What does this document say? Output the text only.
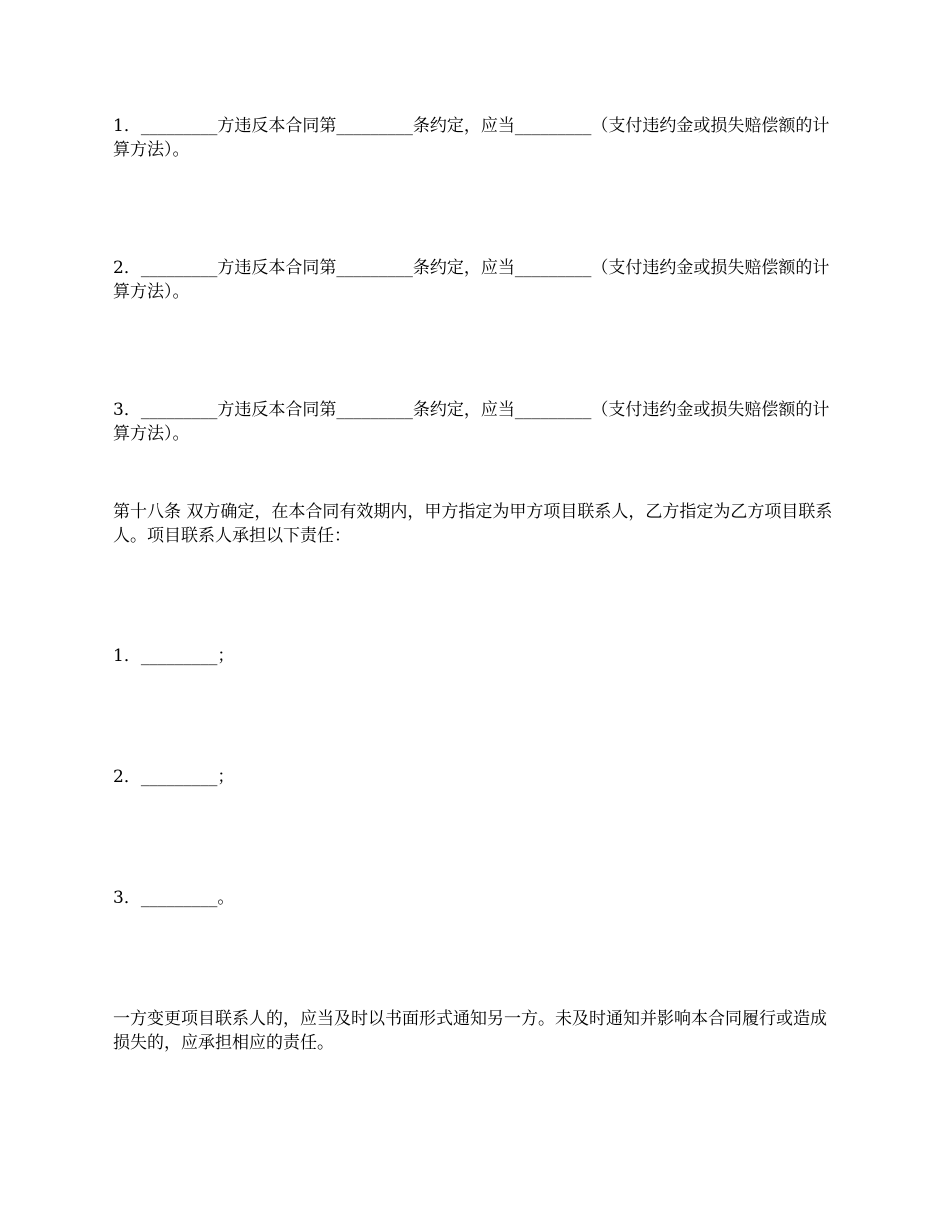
1．_________方违反本合同第_________条约定，应当_________（支付违约金或损失赔偿额的计算方法）。

2．_________方违反本合同第_________条约定，应当_________（支付违约金或损失赔偿额的计算方法）。

3．_________方违反本合同第_________条约定，应当_________（支付违约金或损失赔偿额的计算方法）。

第十八条 双方确定，在本合同有效期内，甲方指定为甲方项目联系人，乙方指定为乙方项目联系人。项目联系人承担以下责任：

1．_________；

2．_________；

3．_________。

一方变更项目联系人的，应当及时以书面形式通知另一方。未及时通知并影响本合同履行或造成损失的，应承担相应的责任。
